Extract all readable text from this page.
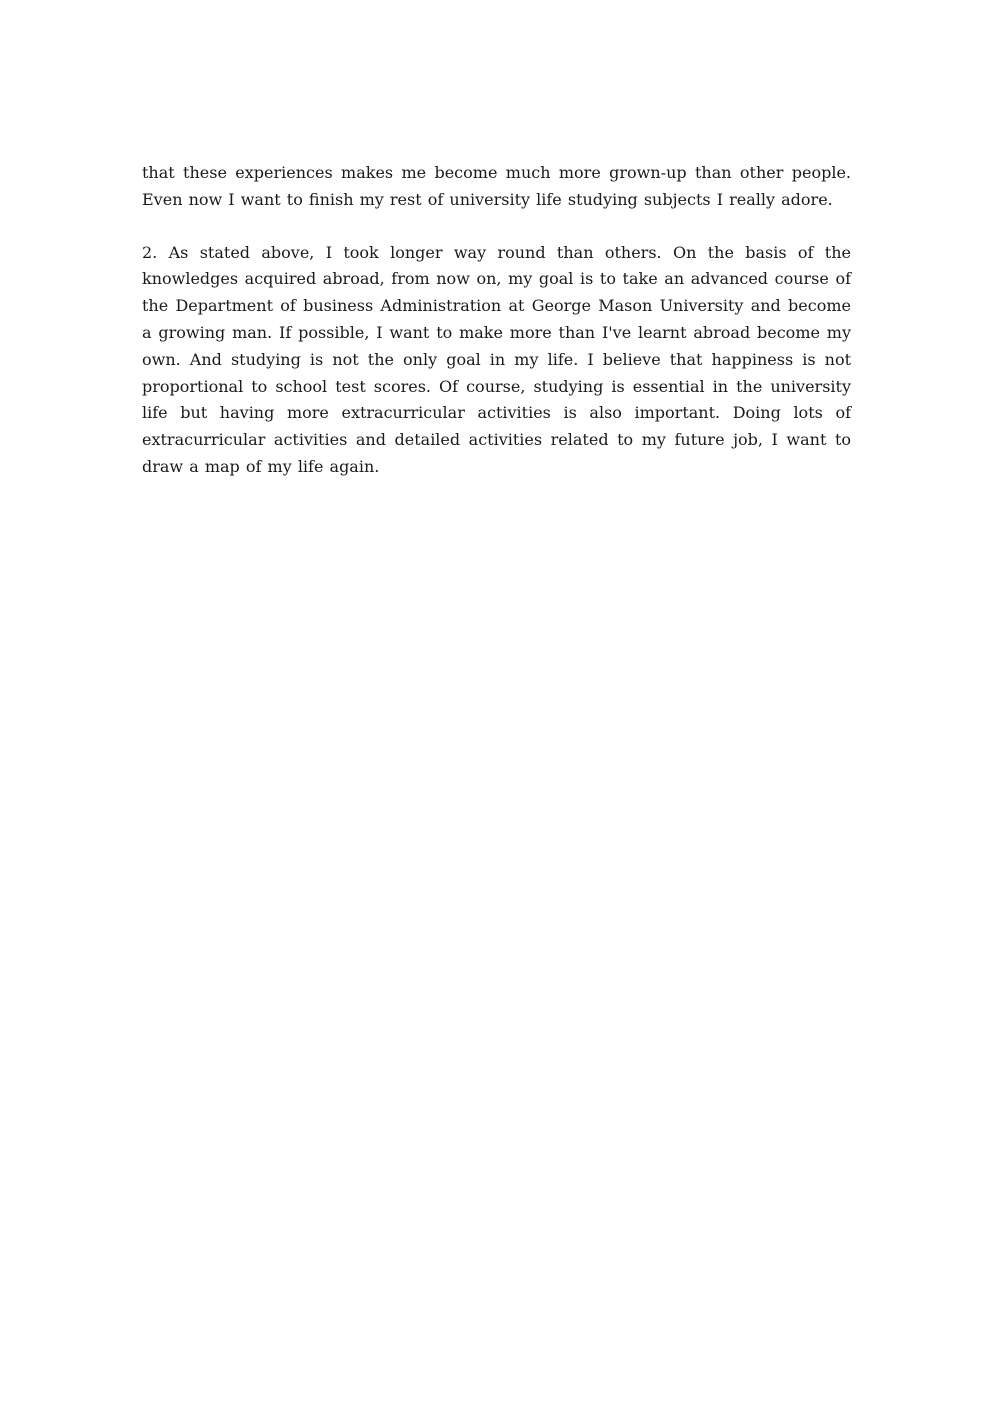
that these experiences makes me become much more grown-up than other people. Even now I want to finish my rest of university life studying subjects I really adore.

2. As stated above, I took longer way round than others. On the basis of the knowledges acquired abroad, from now on, my goal is to take an advanced course of the Department of business Administration at George Mason University and become a growing man. If possible, I want to make more than I've learnt abroad become my own. And studying is not the only goal in my life. I believe that happiness is not proportional to school test scores. Of course, studying is essential in the university life but having more extracurricular activities is also important. Doing lots of extracurricular activities and detailed activities related to my future job, I want to draw a map of my life again.
